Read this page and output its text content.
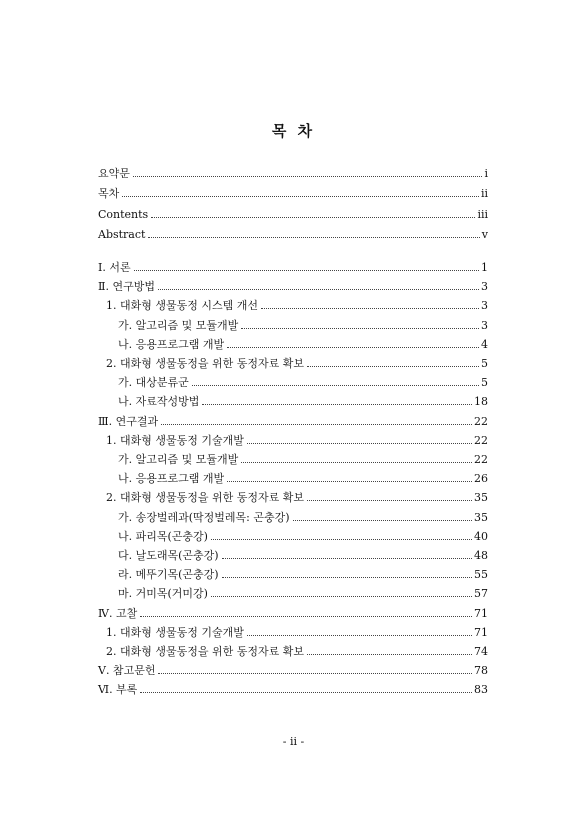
목 차
요약문	i
목차	ii
Contents	iii
Abstract	v
Ⅰ. 서론	1
Ⅱ. 연구방법	3
1. 대화형 생물동정 시스템 개선	3
가. 알고리즘 및 모듈개발	3
나. 응용프로그램 개발	4
2. 대화형 생물동정을 위한 동정자료 확보	5
가. 대상분류군	5
나. 자료작성방법	18
Ⅲ. 연구결과	22
1. 대화형 생물동정 기술개발	22
가. 알고리즘 및 모듈개발	22
나. 응용프로그램 개발	26
2. 대화형 생물동정을 위한 동정자료 확보	35
가. 송장벌레과(딱정벌레목: 곤충강)	35
나. 파리목(곤충강)	40
다. 날도래목(곤충강)	48
라. 메뚜기목(곤충강)	55
마. 거미목(거미강)	57
Ⅳ. 고찰	71
1. 대화형 생물동정 기술개발	71
2. 대화형 생물동정을 위한 동정자료 확보	74
Ⅴ. 참고문헌	78
Ⅵ. 부록	83
- ii -
